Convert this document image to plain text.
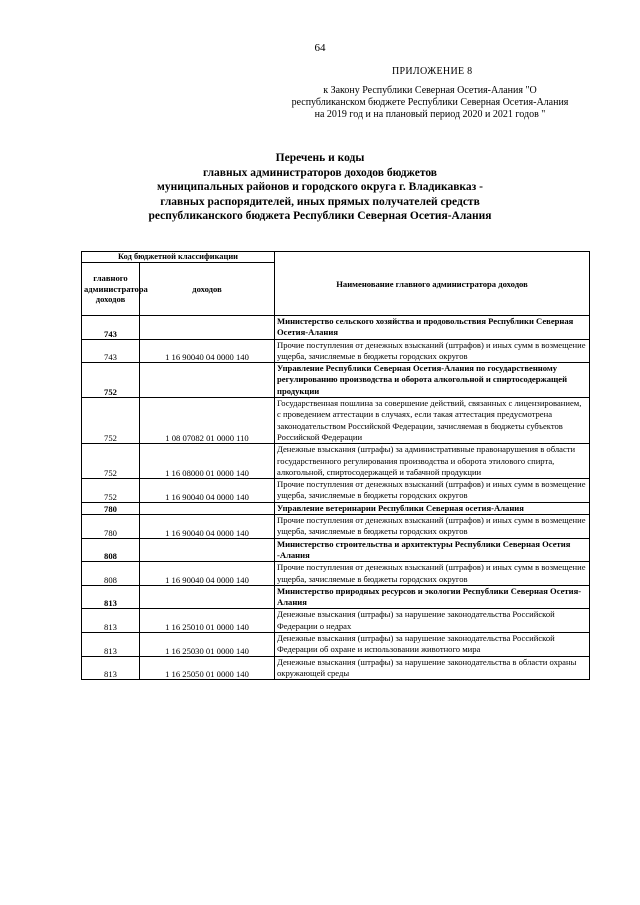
64
ПРИЛОЖЕНИЕ 8
к Закону Республики Северная Осетия-Алания "О
республиканском бюджете Республики Северная Осетия-Алания
на 2019 год и на плановый период 2020 и 2021 годов "
Перечень и коды
главных администраторов доходов бюджетов
муниципальных районов и городского округа г. Владикавказ -
главных распорядителей, иных прямых получателей средств
республиканского бюджета Республики Северная Осетия-Алания
Код бюджетной классификации		Наименование главного администратора доходов
главного администратора доходов	доходов	
743		Министерство сельского хозяйства и продовольствия Республики Северная Осетия-Алания
743	1 16 90040 04 0000 140	Прочие поступления от денежных взысканий (штрафов) и иных сумм в возмещение ущерба, зачисляемые в бюджеты городских округов
752		Управление Республики Северная Осетия-Алания по государственному регулированию производства и оборота алкогольной и спиртосодержащей продукции
752	1 08 07082 01 0000 110	Государственная пошлина за совершение действий, связанных с лицензированием, с проведением аттестации в случаях, если такая аттестация предусмотрена законодательством Российской Федерации, зачисляемая в бюджеты субъектов Российской Федерации
752	1 16 08000 01 0000 140	Денежные взыскания (штрафы) за административные правонарушения в области государственного регулирования производства и оборота этилового спирта, алкогольной, спиртосодержащей и табачной продукции
752	1 16 90040 04 0000 140	Прочие поступления от денежных взысканий (штрафов) и иных сумм в возмещение ущерба, зачисляемые в бюджеты городских округов
780		Управление ветеринарии Республики Северная осетия-Алания
780	1 16 90040 04 0000 140	Прочие поступления от денежных взысканий (штрафов) и иных сумм в возмещение ущерба, зачисляемые в бюджеты городских округов
808		Министерство строительства и архитектуры Республики Северная Осетия -Алания
808	1 16 90040 04 0000 140	Прочие поступления от денежных взысканий (штрафов) и иных сумм в возмещение ущерба, зачисляемые в бюджеты городских округов
813		Министерство природных ресурсов и экологии Республики Северная Осетия-Алания
813	1 16 25010 01 0000 140	Денежные взыскания (штрафы) за нарушение законодательства Российской Федерации о недрах
813	1 16 25030 01 0000 140	Денежные взыскания (штрафы) за нарушение законодательства Российской Федерации об охране и использовании животного мира
813	1 16 25050 01 0000 140	Денежные взыскания (штрафы) за нарушение законодательства в области охраны окружающей среды
